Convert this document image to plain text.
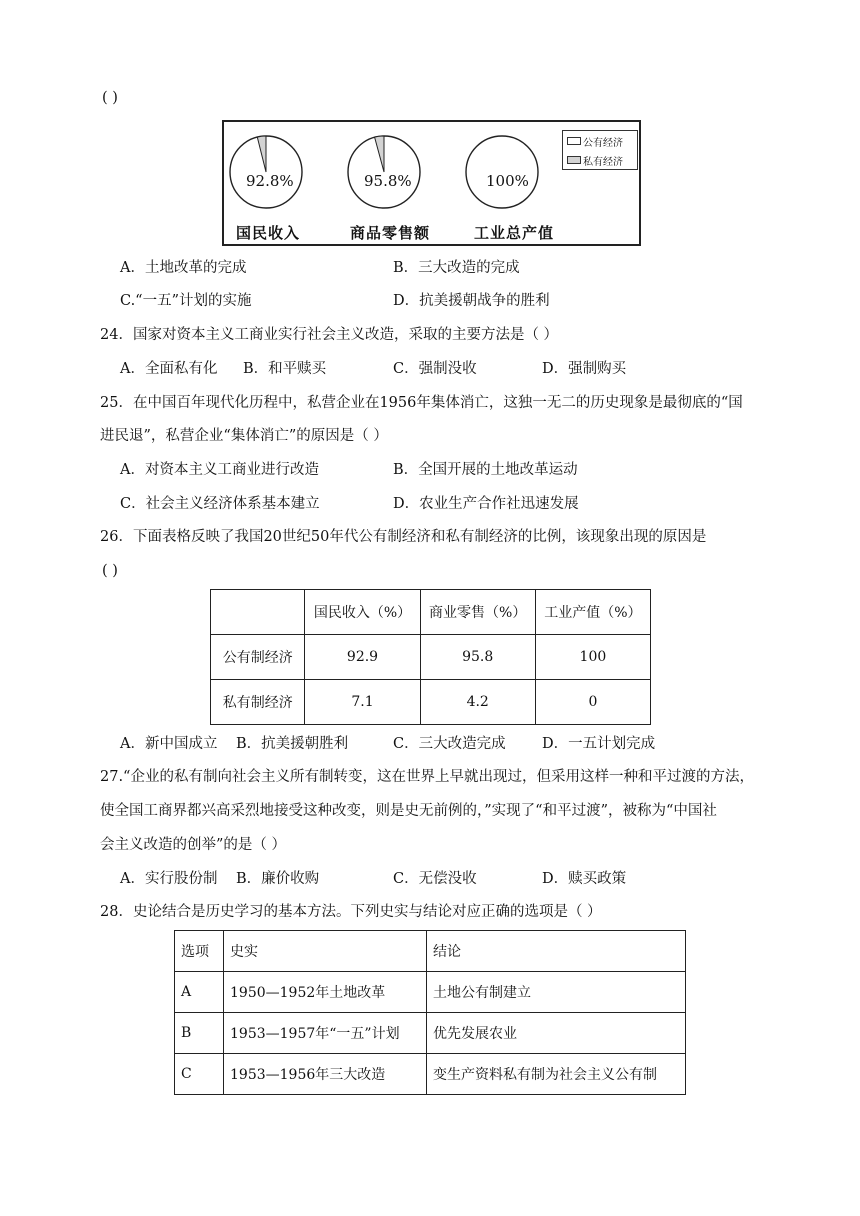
( )
92.8%	95.8%	100%
国民收入	商品零售额	工业总产值
公有经济
私有经济
A．土地改革的完成	B．三大改造的完成
C.“一五”计划的实施	D．抗美援朝战争的胜利
24．国家对资本主义工商业实行社会主义改造，采取的主要方法是（ ）
A．全面私有化 B．和平赎买	C．强制没收	D．强制购买
25．在中国百年现代化历程中，私营企业在1956年集体消亡，这独一无二的历史现象是最彻底的“国
进民退”，私营企业“集体消亡”的原因是（ ）
A．对资本主义工商业进行改造	B．全国开展的土地改革运动
C．社会主义经济体系基本建立	D．农业生产合作社迅速发展
26．下面表格反映了我国20世纪50年代公有制经济和私有制经济的比例，该现象出现的原因是
( )
	国民收入（%）	商业零售（%）	工业产值（%）
公有制经济	92.9	95.8	100
私有制经济	7.1	4.2	0
A．新中国成立 B．抗美援朝胜利	C．三大改造完成	D．一五计划完成
27.“企业的私有制向社会主义所有制转变，这在世界上早就出现过，但采用这样一种和平过渡的方法，
使全国工商界都兴高采烈地接受这种改变，则是史无前例的，”实现了“和平过渡”，被称为“中国社
会主义改造的创举”的是（ ）
A．实行股份制 B．廉价收购	C．无偿没收	D．赎买政策
28．史论结合是历史学习的基本方法。下列史实与结论对应正确的选项是（ ）
选项	史实	结论
A	1950—1952年土地改革	土地公有制建立
B	1953—1957年“一五”计划	优先发展农业
C	1953—1956年三大改造	变生产资料私有制为社会主义公有制
